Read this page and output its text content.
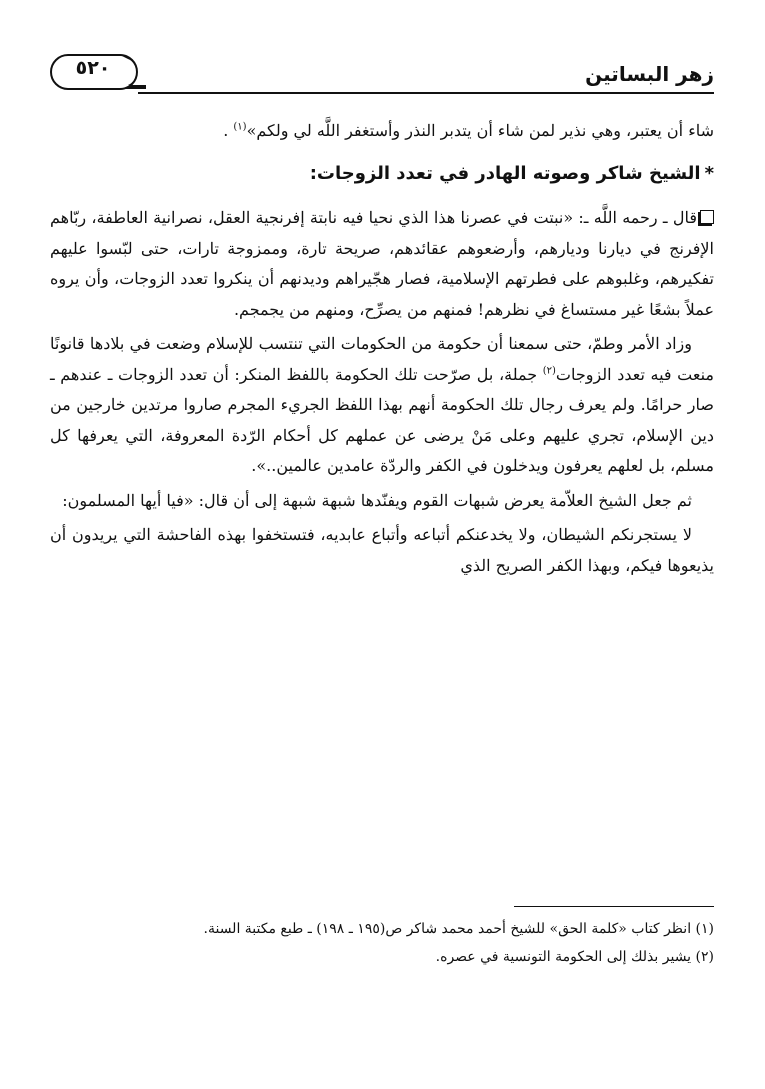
زهر البساتين
٥٢٠

شاء أن يعتبر، وهي نذير لمن شاء أن يتدبر النذر وأستغفر اللَّه لي ولكم»$^{(١)}$ .

*الشيخ شاكر وصوته الهادر في تعدد الزوجات:

قال ـ رحمه اللَّه ـ: «نبتت في عصرنا هذا الذي نحيا فيه نابتة إفرنجية العقل، نصرانية العاطفة، ربّاهم الإفرنج في ديارنا وديارهم، وأرضعوهم عقائدهم، صريحة تارة، وممزوجة تارات، حتى لبّسوا عليهم تفكيرهم، وغلبوهم على فطرتهم الإسلامية، فصار هجّيراهم وديدنهم أن ينكروا تعدد الزوجات، وأن يروه عملاً بشعًا غير مستساغ في نظرهم! فمنهم من يصرِّح، ومنهم من يجمجم.

وزاد الأمر وطمّ، حتى سمعنا أن حكومة من الحكومات التي تنتسب للإسلام وضعت في بلادها قانونًا منعت فيه تعدد الزوجات$^{(٢)}$ جملة، بل صرّحت تلك الحكومة باللفظ المنكر: أن تعدد الزوجات ـ عندهم ـ صار حرامًا. ولم يعرف رجال تلك الحكومة أنهم بهذا اللفظ الجريء المجرم صاروا مرتدين خارجين من دين الإسلام، تجري عليهم وعلى مَنْ يرضى عن عملهم كل أحكام الرّدة المعروفة، التي يعرفها كل مسلم، بل لعلهم يعرفون ويدخلون في الكفر والردّة عامدين عالمين..».

ثم جعل الشيخ العلاّمة يعرض شبهات القوم ويفنّدها شبهة شبهة إلى أن قال: «فيا أيها المسلمون:

لا يستجرنكم الشيطان، ولا يخدعنكم أتباعه وأتباع عابديه، فتستخفوا بهذه الفاحشة التي يريدون أن يذيعوها فيكم، وبهذا الكفر الصريح الذي

(١) انظر كتاب «كلمة الحق» للشيخ أحمد محمد شاكر ص(١٩٥ ـ ١٩٨) ـ طبع مكتبة السنة.

(٢) يشير بذلك إلى الحكومة التونسية في عصره.
